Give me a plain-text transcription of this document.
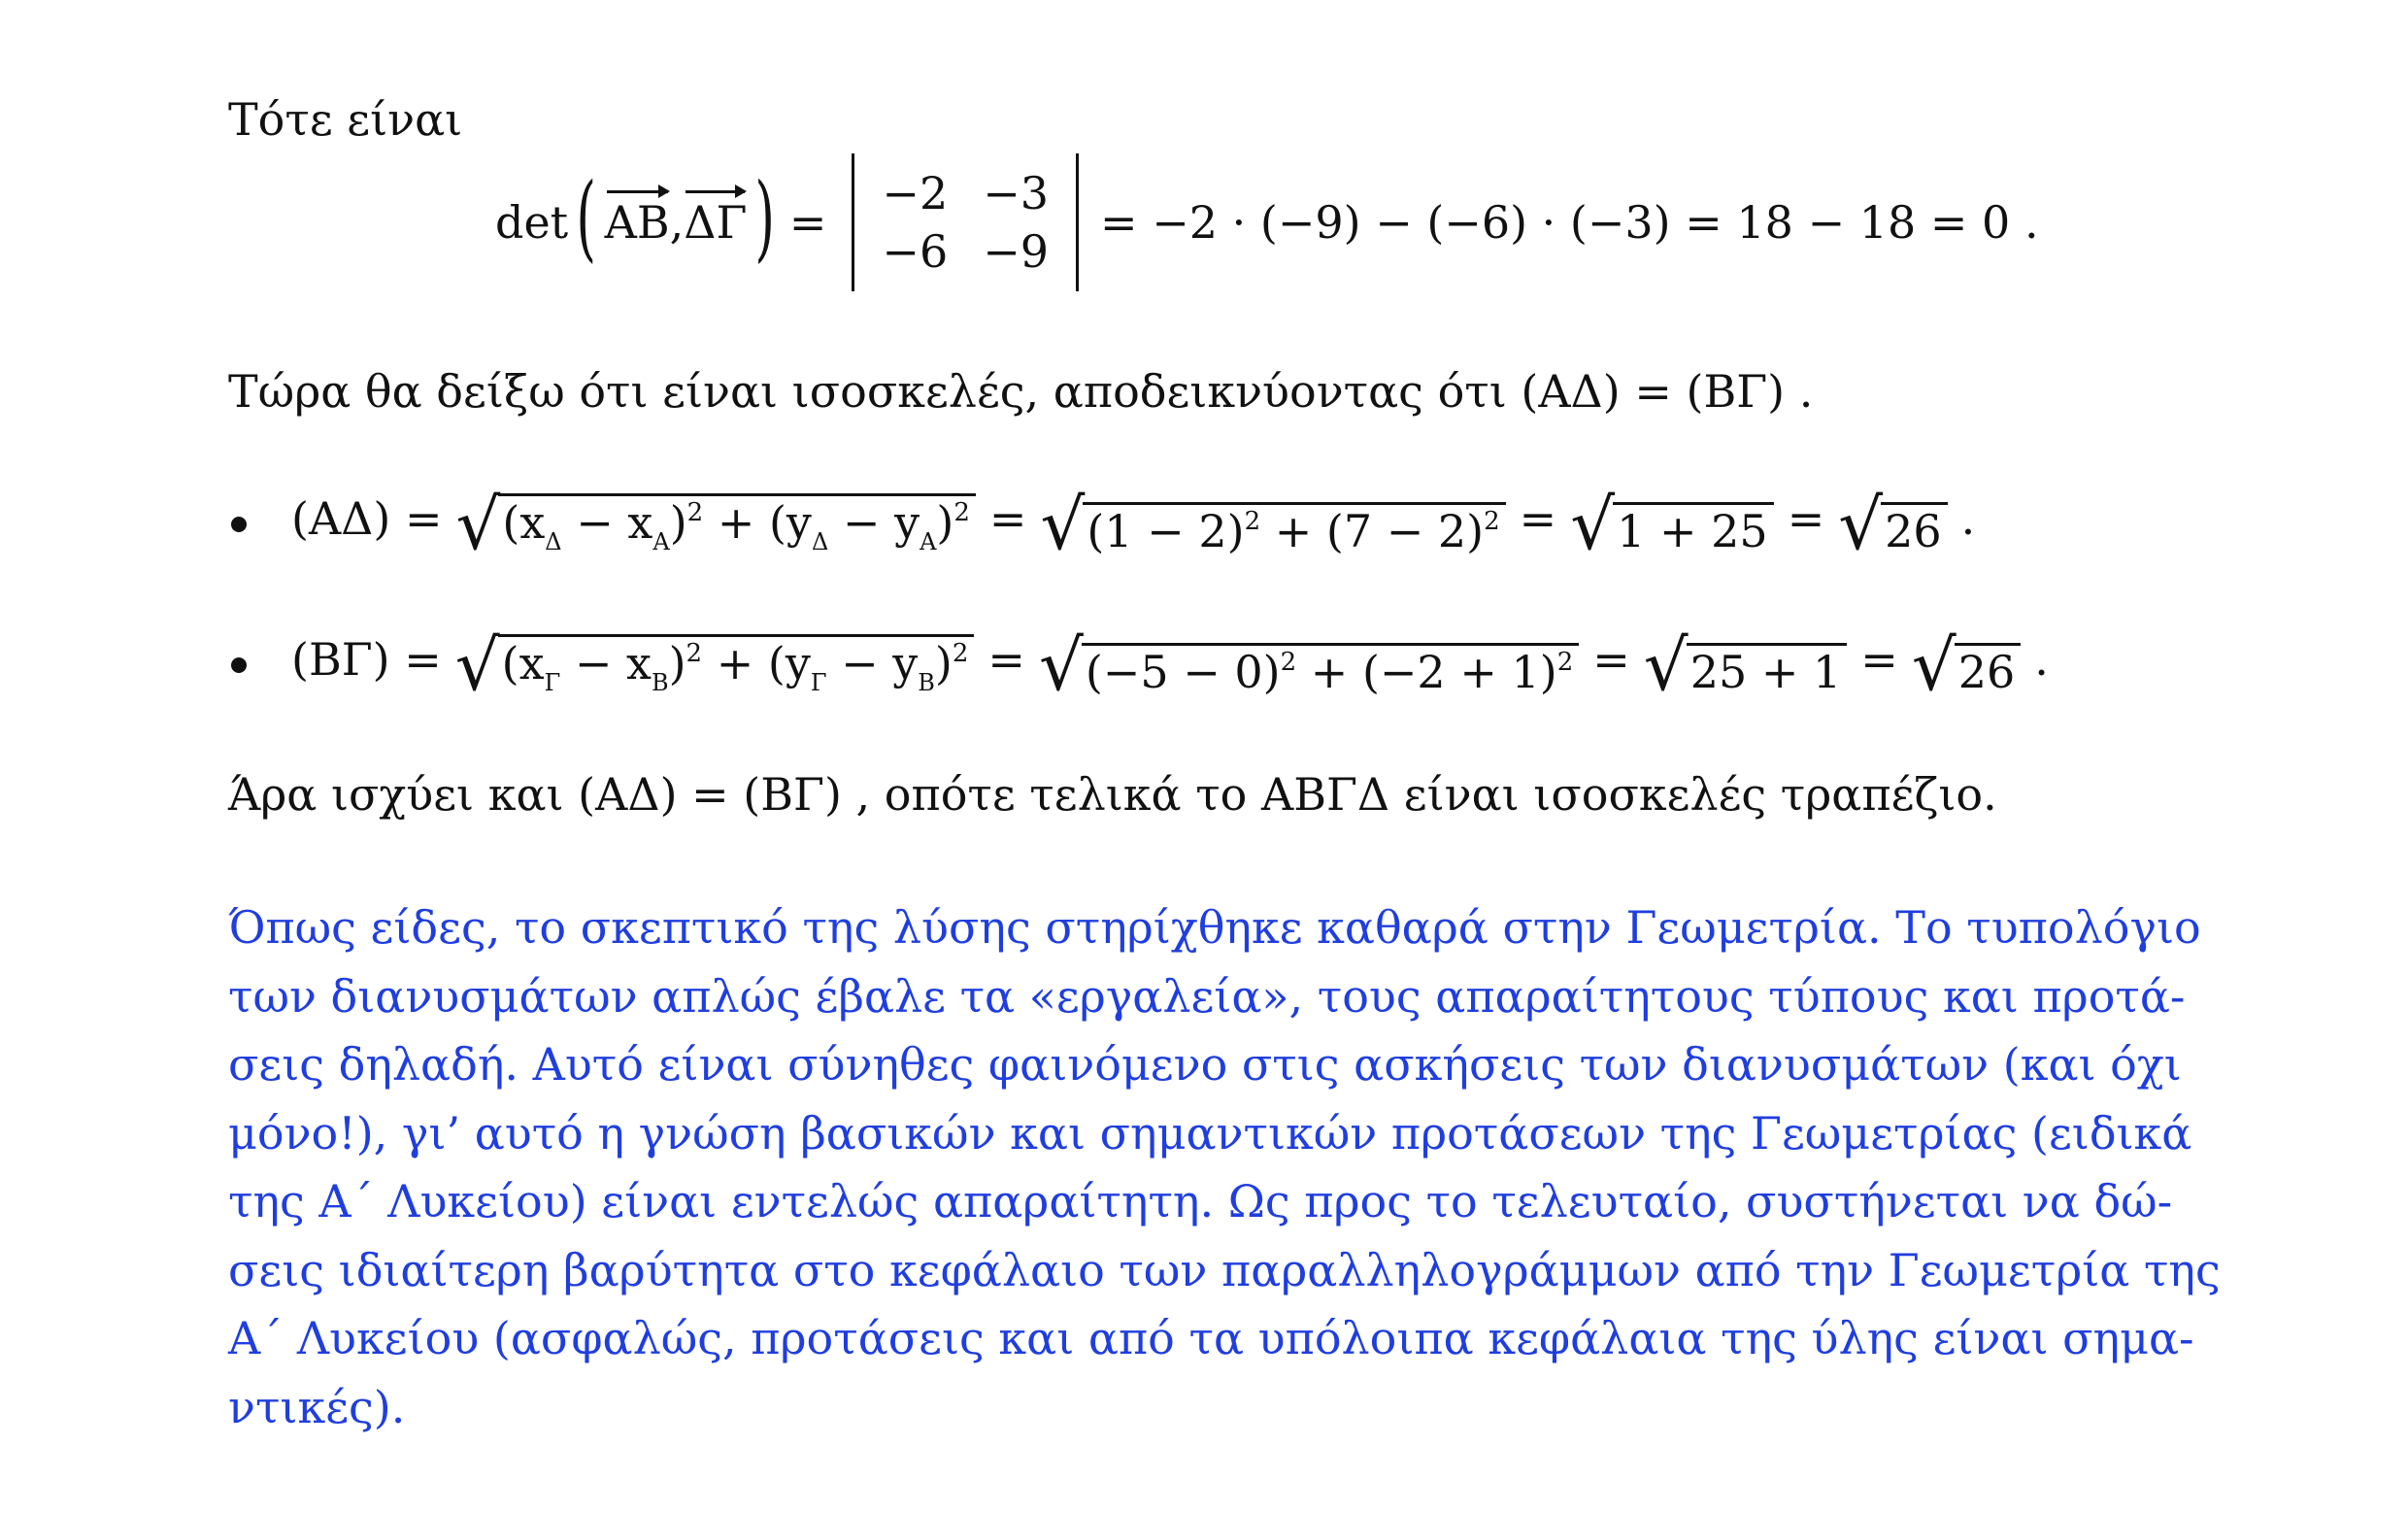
Τότε είναι
det ( AB , ΔΓ ) =
−2 −3
−6 −9
= −2 · (−9) − (−6) · (−3) = 18 − 18 = 0 .
Τώρα θα δείξω ότι είναι ισοσκελές, αποδεικνύοντας ότι (ΑΔ) = (ΒΓ) .
(ΑΔ) = √ $(x_\Delta - x_A)^2 + (y_\Delta - y_A)^2$ = √ $(1 - 2)^2 + (7 - 2)^2$ = √ 1 + 25 = √ 26 .
(ΒΓ) = √ $(x_\Gamma - x_B)^2 + (y_\Gamma - y_B)^2$ = √ $(-5 - 0)^2 + (-2 + 1)^2$ = √ 25 + 1 = √ 26 .
Άρα ισχύει και (ΑΔ) = (ΒΓ) , οπότε τελικά το ΑΒΓΔ είναι ισοσκελές τραπέζιο.
Όπως είδες, το σκεπτικό της λύσης στηρίχθηκε καθαρά στην Γεωμετρία. Το τυπολόγιο
των διανυσμάτων απλώς έβαλε τα «εργαλεία», τους απαραίτητους τύπους και προτά-
σεις δηλαδή. Αυτό είναι σύνηθες φαινόμενο στις ασκήσεις των διανυσμάτων (και όχι
μόνο!), γι’ αυτό η γνώση βασικών και σημαντικών προτάσεων της Γεωμετρίας (ειδικά
της Α΄ Λυκείου) είναι εντελώς απαραίτητη. Ως προς το τελευταίο, συστήνεται να δώ-
σεις ιδιαίτερη βαρύτητα στο κεφάλαιο των παραλληλογράμμων από την Γεωμετρία της
Α΄ Λυκείου (ασφαλώς, προτάσεις και από τα υπόλοιπα κεφάλαια της ύλης είναι σημα-
ντικές).
